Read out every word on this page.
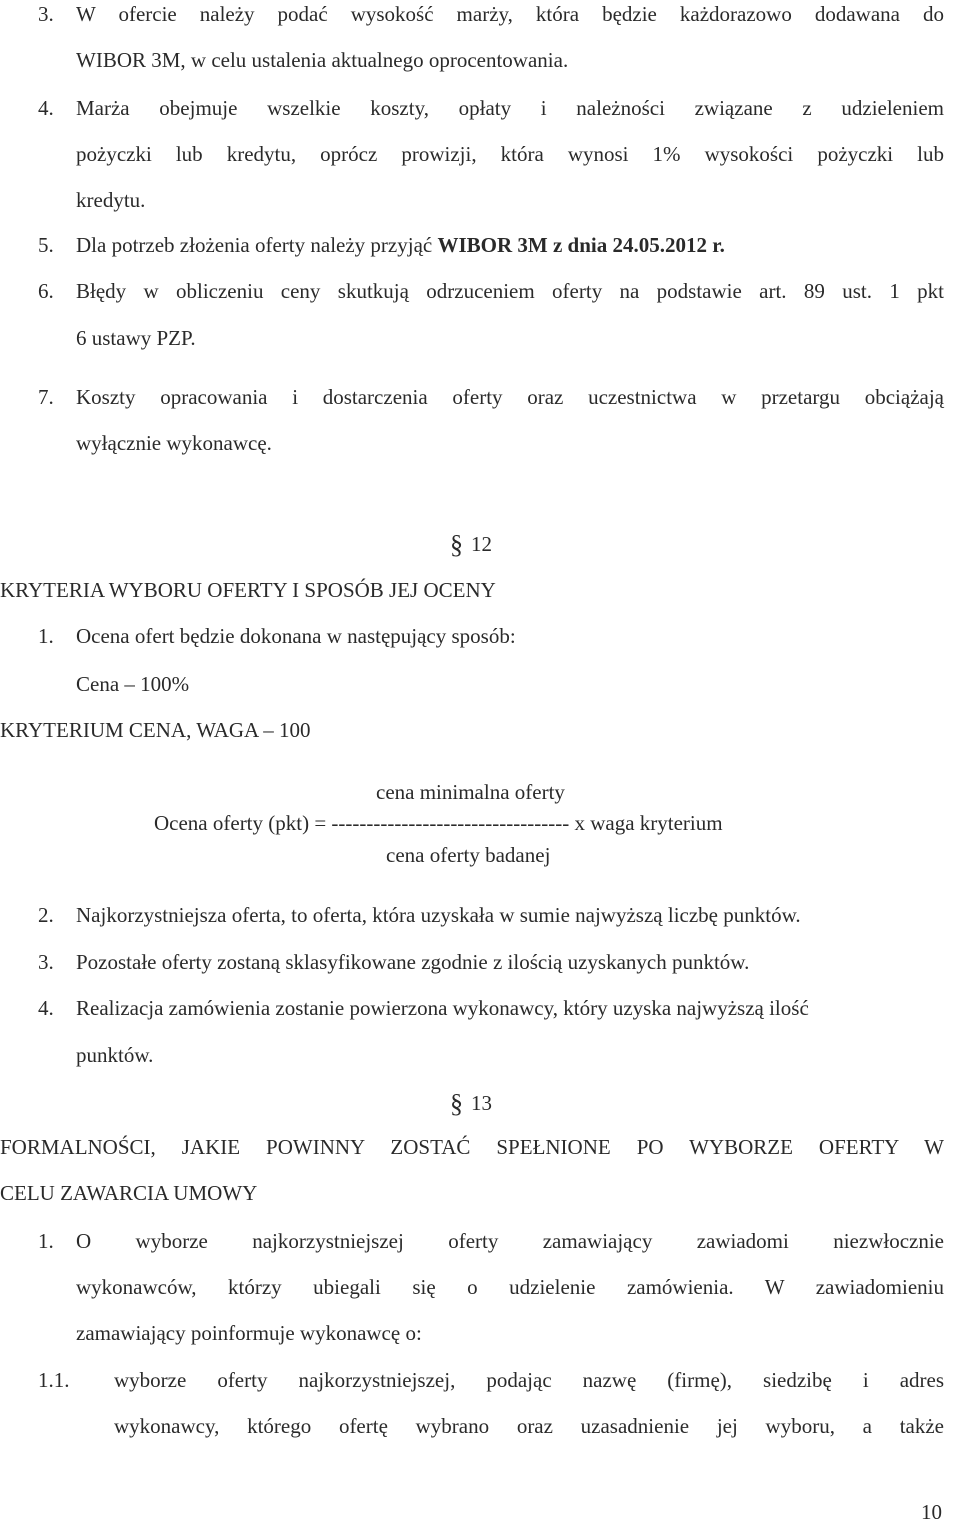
3. W ofercie należy podać wysokość marży, która będzie każdorazowo dodawana do
WIBOR 3M, w celu ustalenia aktualnego oprocentowania.
4. Marża obejmuje wszelkie koszty, opłaty i należności związane z udzieleniem
pożyczki lub kredytu, oprócz prowizji, która wynosi 1% wysokości pożyczki lub
kredytu.
5. Dla potrzeb złożenia oferty należy przyjąć WIBOR 3M z dnia 24.05.2012 r.
6. Błędy w obliczeniu ceny skutkują odrzuceniem oferty na podstawie art. 89 ust. 1 pkt
6 ustawy PZP.
7. Koszty opracowania i dostarczenia oferty oraz uczestnictwa w przetargu obciążają
wyłącznie wykonawcę.
§ 12
KRYTERIA WYBORU OFERTY I SPOSÓB JEJ OCENY
1. Ocena ofert będzie dokonana w następujący sposób:
Cena – 100%
KRYTERIUM CENA, WAGA – 100
cena minimalna oferty
Ocena oferty (pkt) = ---------------------------------- x waga kryterium
cena oferty badanej
2. Najkorzystniejsza oferta, to oferta, która uzyskała w sumie najwyższą liczbę punktów.
3. Pozostałe oferty zostaną sklasyfikowane zgodnie z ilością uzyskanych punktów.
4. Realizacja zamówienia zostanie powierzona wykonawcy, który uzyska najwyższą ilość
punktów.
§ 13
FORMALNOŚCI, JAKIE POWINNY ZOSTAĆ SPEŁNIONE PO WYBORZE OFERTY W
CELU ZAWARCIA UMOWY
1. O wyborze najkorzystniejszej oferty zamawiający zawiadomi niezwłocznie
wykonawców, którzy ubiegali się o udzielenie zamówienia. W zawiadomieniu
zamawiający poinformuje wykonawcę o:
1.1. wyborze oferty najkorzystniejszej, podając nazwę (firmę), siedzibę i adres
wykonawcy, którego ofertę wybrano oraz uzasadnienie jej wyboru, a także
10
